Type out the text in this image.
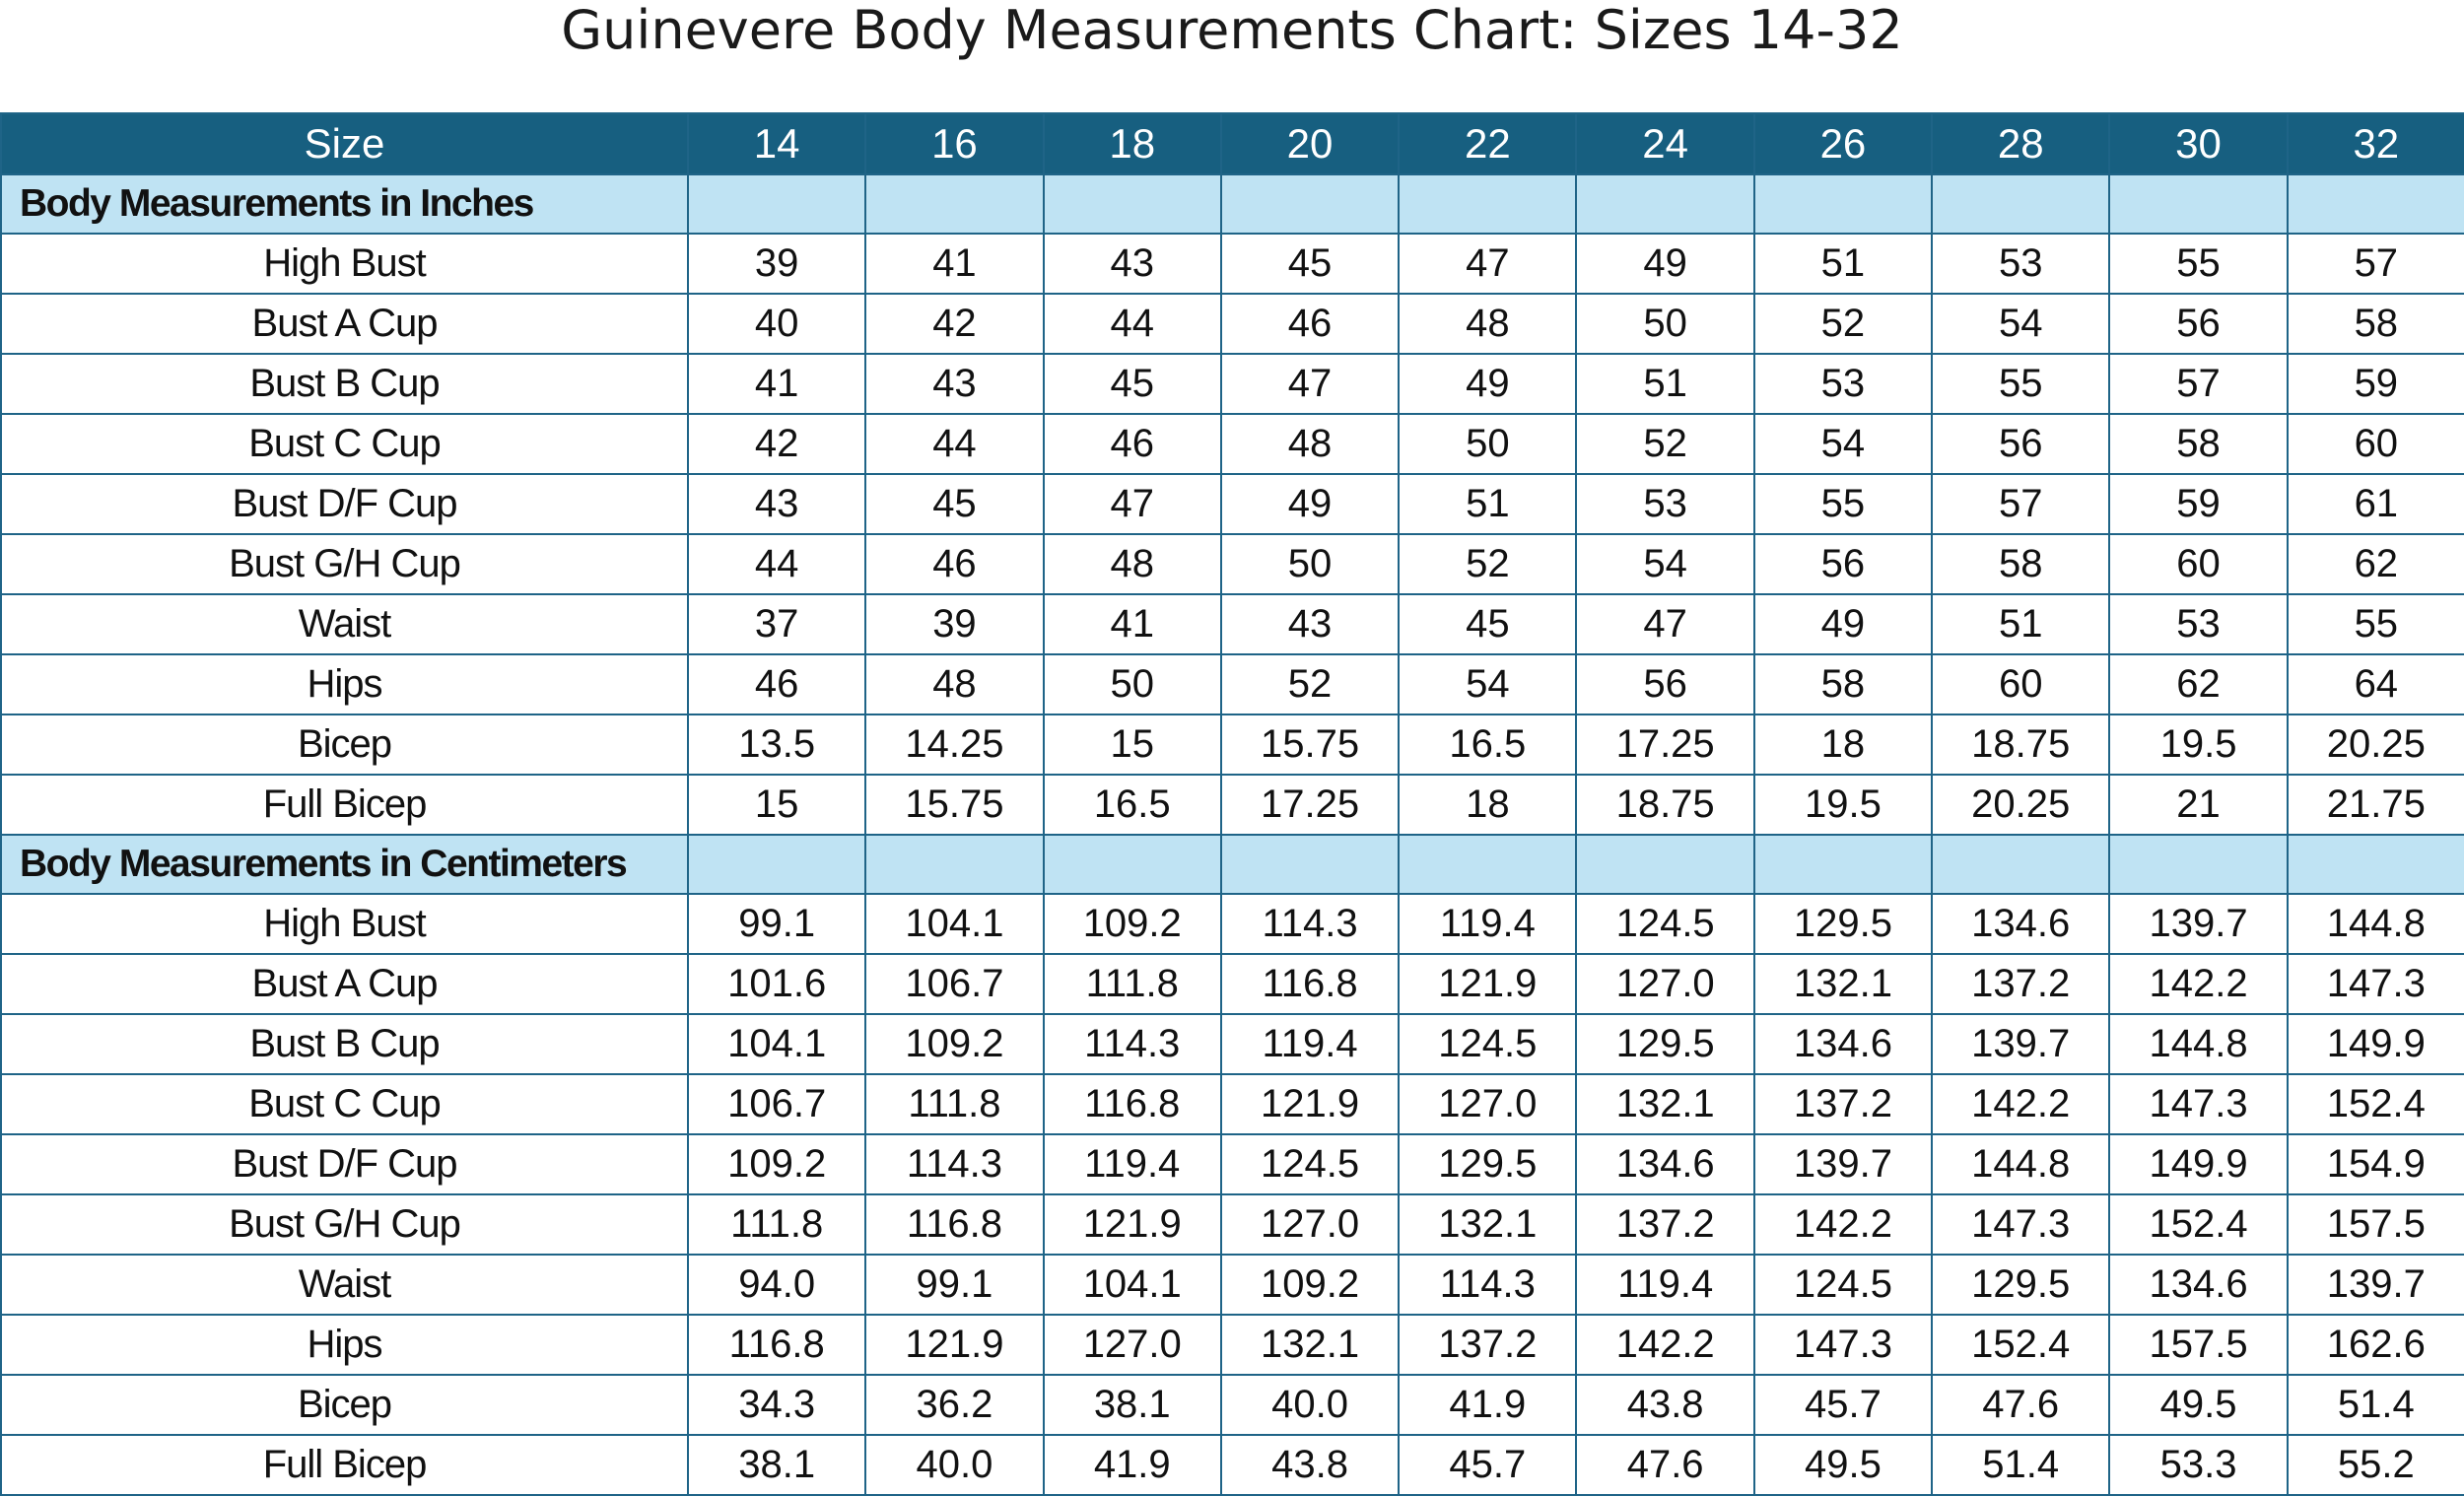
Guinevere Body Measurements Chart: Sizes 14-32
Size	14	16	18	20	22	24	26	28	30	32
Body Measurements in Inches										
High Bust	39	41	43	45	47	49	51	53	55	57
Bust A Cup	40	42	44	46	48	50	52	54	56	58
Bust B Cup	41	43	45	47	49	51	53	55	57	59
Bust C Cup	42	44	46	48	50	52	54	56	58	60
Bust D/F Cup	43	45	47	49	51	53	55	57	59	61
Bust G/H Cup	44	46	48	50	52	54	56	58	60	62
Waist	37	39	41	43	45	47	49	51	53	55
Hips	46	48	50	52	54	56	58	60	62	64
Bicep	13.5	14.25	15	15.75	16.5	17.25	18	18.75	19.5	20.25
Full Bicep	15	15.75	16.5	17.25	18	18.75	19.5	20.25	21	21.75
Body Measurements in Centimeters										
High Bust	99.1	104.1	109.2	114.3	119.4	124.5	129.5	134.6	139.7	144.8
Bust A Cup	101.6	106.7	111.8	116.8	121.9	127.0	132.1	137.2	142.2	147.3
Bust B Cup	104.1	109.2	114.3	119.4	124.5	129.5	134.6	139.7	144.8	149.9
Bust C Cup	106.7	111.8	116.8	121.9	127.0	132.1	137.2	142.2	147.3	152.4
Bust D/F Cup	109.2	114.3	119.4	124.5	129.5	134.6	139.7	144.8	149.9	154.9
Bust G/H Cup	111.8	116.8	121.9	127.0	132.1	137.2	142.2	147.3	152.4	157.5
Waist	94.0	99.1	104.1	109.2	114.3	119.4	124.5	129.5	134.6	139.7
Hips	116.8	121.9	127.0	132.1	137.2	142.2	147.3	152.4	157.5	162.6
Bicep	34.3	36.2	38.1	40.0	41.9	43.8	45.7	47.6	49.5	51.4
Full Bicep	38.1	40.0	41.9	43.8	45.7	47.6	49.5	51.4	53.3	55.2
